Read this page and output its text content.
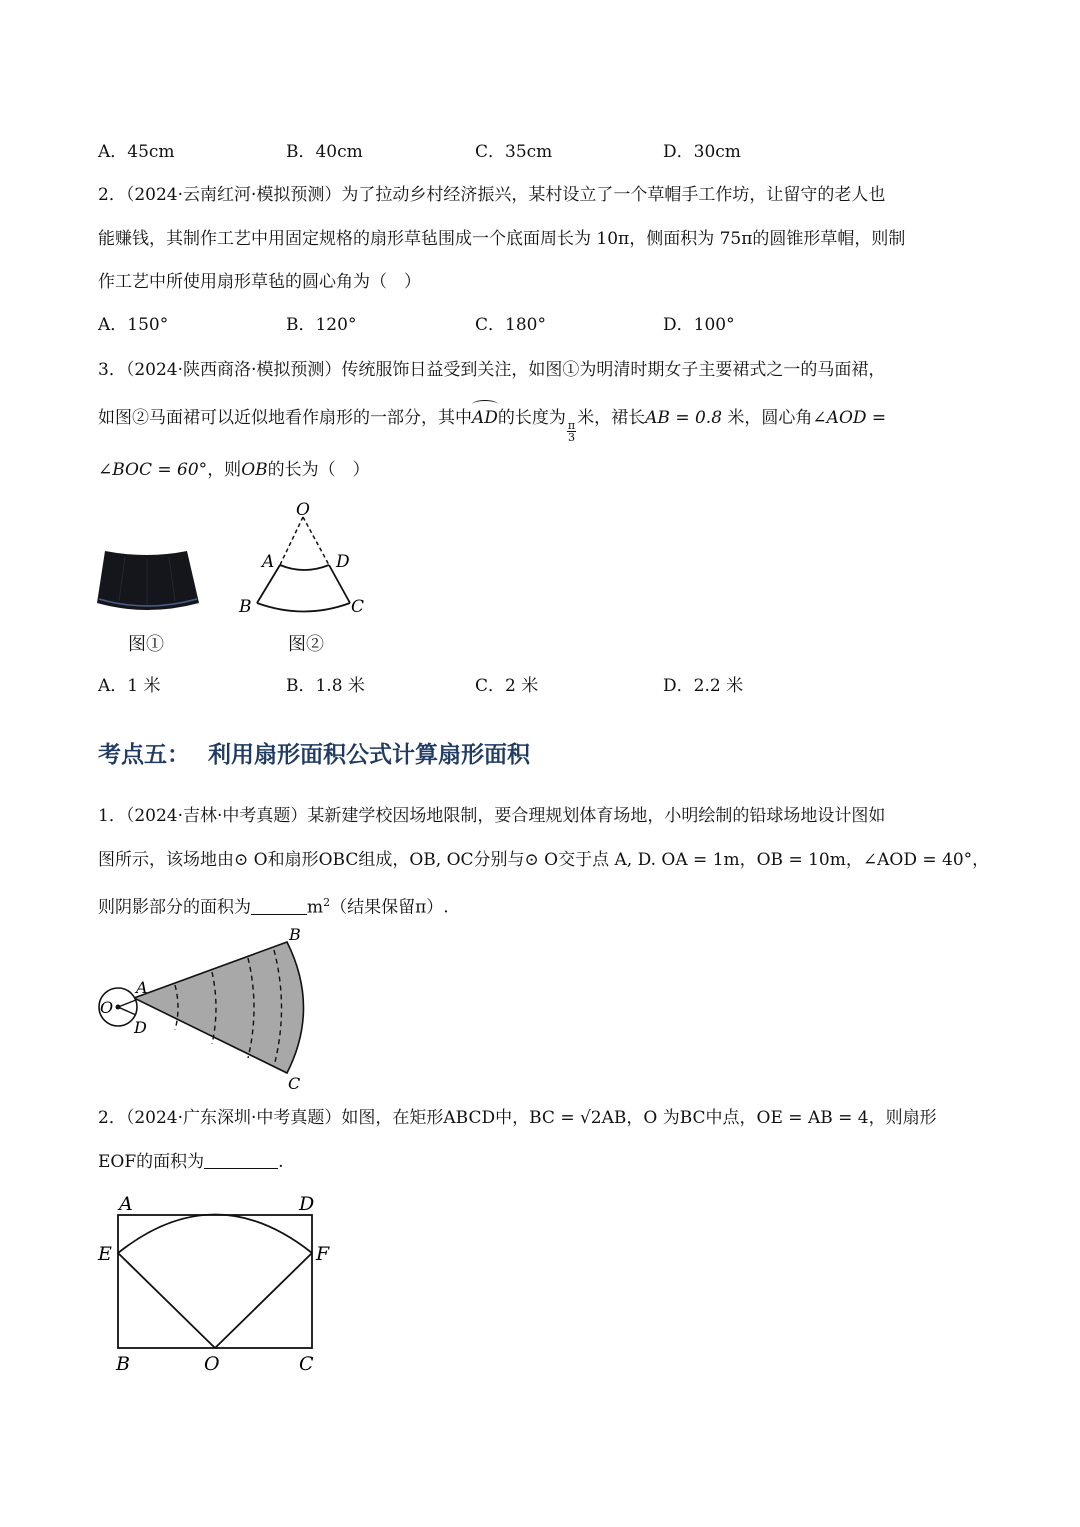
A．45cm	B．40cm	C．35cm	D．30cm
2．（2024·云南红河·模拟预测）为了拉动乡村经济振兴，某村设立了一个草帽手工作坊，让留守的老人也
能赚钱，其制作工艺中用固定规格的扇形草毡围成一个底面周长为 10π，侧面积为 75π的圆锥形草帽，则制
作工艺中所使用扇形草毡的圆心角为（　）
A．150°	B．120°	C．180°	D．100°
3．（2024·陕西商洛·模拟预测）传统服饰日益受到关注，如图①为明清时期女子主要裙式之一的马面裙，
如图②马面裙可以近似地看作扇形的一部分，其中
AD的长度为
$\frac{\pi}{3}$
米，裙长AB = 0.8 米，圆心角∠AOD =
∠BOC = 60°，则OB的长为（　）
图①
O
A	D
B	C
图②
A．1 米	B．1.8 米	C．2 米	D．2.2 米
考点五： 利用扇形面积公式计算扇形面积
1．（2024·吉林·中考真题）某新建学校因场地限制，要合理规划体育场地，小明绘制的铅球场地设计图如
图所示，该场地由⊙ O和扇形OBC组成，OB, OC分别与⊙ O交于点 A, D. OA = 1m，OB = 10m，∠AOD = 40°，
则阴影部分的面积为	$m^2$（结果保留π）.
O
A
D
B
C
2．（2024·广东深圳·中考真题）如图，在矩形ABCD中，BC = √2AB，O 为BC中点，OE = AB = 4，则扇形
EOF的面积为	.
A	D
E	F
B	O	C
